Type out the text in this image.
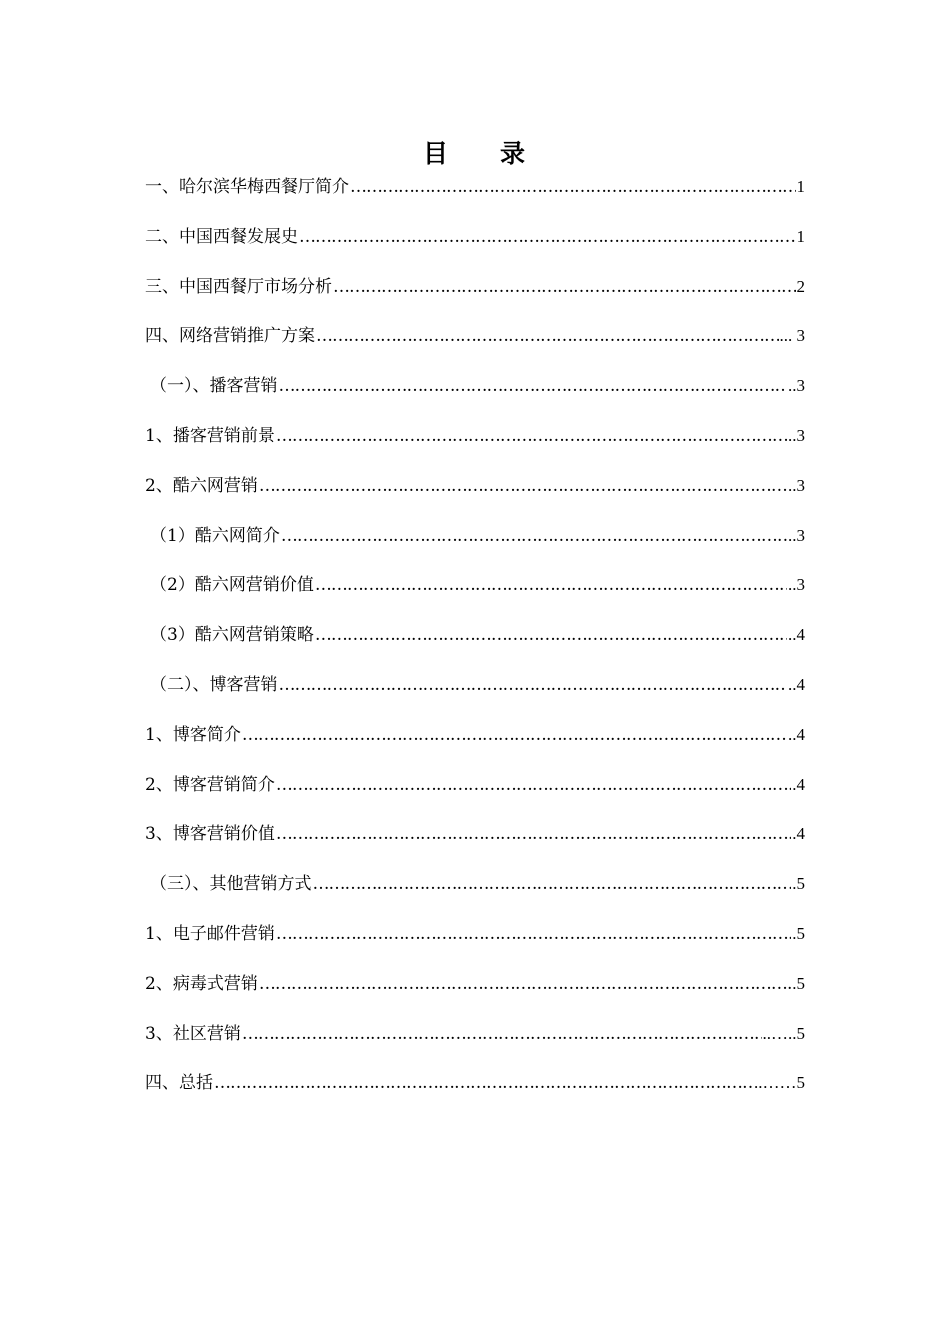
目 录
一、哈尔滨华梅西餐厅简介 ……………………………………………………………………………………………………………………………………………………	1
二、中国西餐发展史 ……………………………………………………………………………………………………………………………………………………	1
三、中国西餐厅市场分析 ……………………………………………………………………………………………………………………………………………………	2
四、网络营销推广方案 ……………………………………………………………………………………………………………………………………………………	... 3
（一）、播客营销 ……………………………………………………………………………………………………………………………………………………	..3
1、播客营销前景 ……………………………………………………………………………………………………………………………………………………	..3
2、酷六网营销 ……………………………………………………………………………………………………………………………………………………	..3
（1）酷六网简介 ……………………………………………………………………………………………………………………………………………………	..3
（2）酷六网营销价值 ……………………………………………………………………………………………………………………………………………………	..3
（3）酷六网营销策略 ……………………………………………………………………………………………………………………………………………………	..4
（二）、博客营销 ……………………………………………………………………………………………………………………………………………………	..4
1、博客简介 ……………………………………………………………………………………………………………………………………………………	..4
2、博客营销简介 ……………………………………………………………………………………………………………………………………………………	.4
3、博客营销价值 ……………………………………………………………………………………………………………………………………………………	.4
（三）、其他营销方式 ……………………………………………………………………………………………………………………………………………………	.5
1、电子邮件营销 ……………………………………………………………………………………………………………………………………………………	.5
2、病毒式营销 ……………………………………………………………………………………………………………………………………………………	.5
3、社区营销 ……………………………………………………………………………………………………………………………………………………	..…..5
四、总括 ……………………………………………………………………………………………………………………………………………………	..……5
